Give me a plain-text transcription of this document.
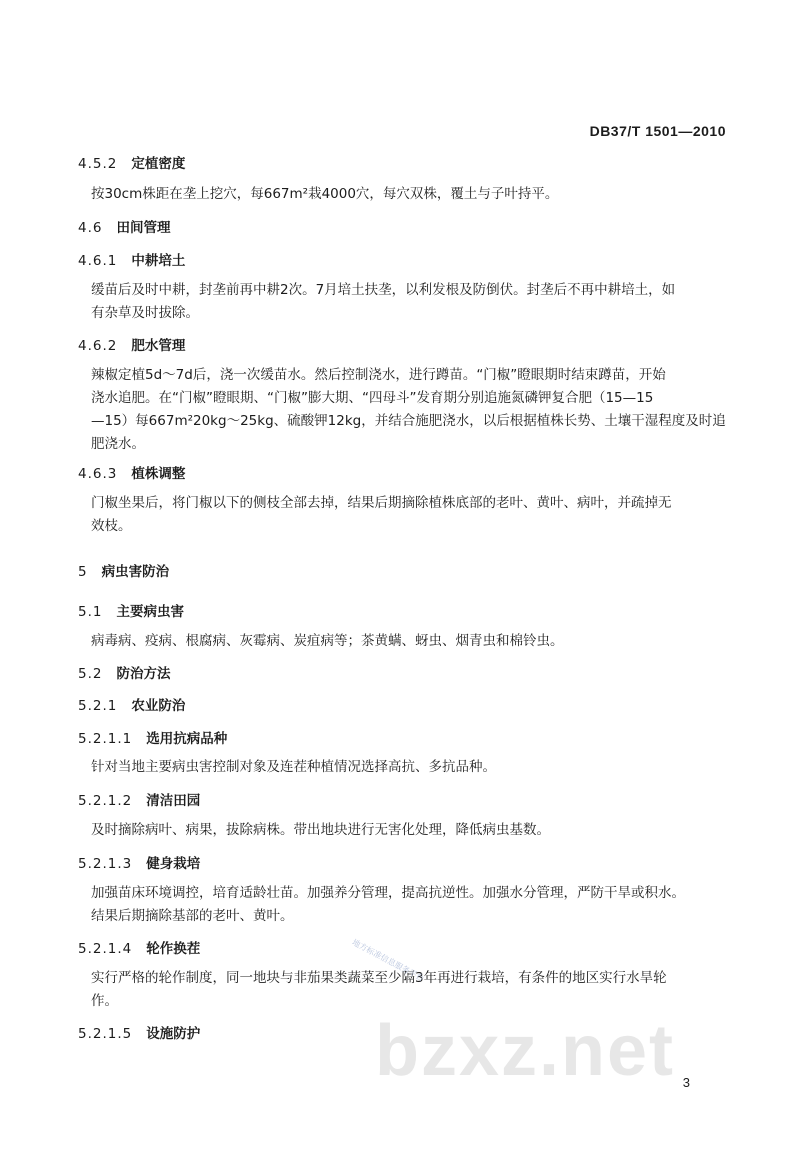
DB37/T 1501—2010
4.5.2 定植密度
按30cm株距在垄上挖穴，每667m²栽4000穴，每穴双株，覆土与子叶持平。
4.6 田间管理
4.6.1 中耕培土
缓苗后及时中耕，封垄前再中耕2次。7月培土扶垄，以利发根及防倒伏。封垄后不再中耕培土，如
有杂草及时拔除。
4.6.2 肥水管理
辣椒定植5d～7d后，浇一次缓苗水。然后控制浇水，进行蹲苗。“门椒”瞪眼期时结束蹲苗，开始
浇水追肥。在“门椒”瞪眼期、“门椒”膨大期、“四母斗”发育期分别追施氮磷钾复合肥（15—15
—15）每667m²20kg～25kg、硫酸钾12kg，并结合施肥浇水，以后根据植株长势、土壤干湿程度及时追
肥浇水。
4.6.3 植株调整
门椒坐果后，将门椒以下的侧枝全部去掉，结果后期摘除植株底部的老叶、黄叶、病叶，并疏掉无
效枝。
5 病虫害防治
5.1 主要病虫害
病毒病、疫病、根腐病、灰霉病、炭疽病等；茶黄螨、蚜虫、烟青虫和棉铃虫。
5.2 防治方法
5.2.1 农业防治
5.2.1.1 选用抗病品种
针对当地主要病虫害控制对象及连茬种植情况选择高抗、多抗品种。
5.2.1.2 清洁田园
及时摘除病叶、病果，拔除病株。带出地块进行无害化处理，降低病虫基数。
5.2.1.3 健身栽培
加强苗床环境调控，培育适龄壮苗。加强养分管理，提高抗逆性。加强水分管理，严防干旱或积水。
结果后期摘除基部的老叶、黄叶。
5.2.1.4 轮作换茬
实行严格的轮作制度，同一地块与非茄果类蔬菜至少隔3年再进行栽培，有条件的地区实行水旱轮
作。
5.2.1.5 设施防护
地方标准信息服务平台
bzxz.net 3
